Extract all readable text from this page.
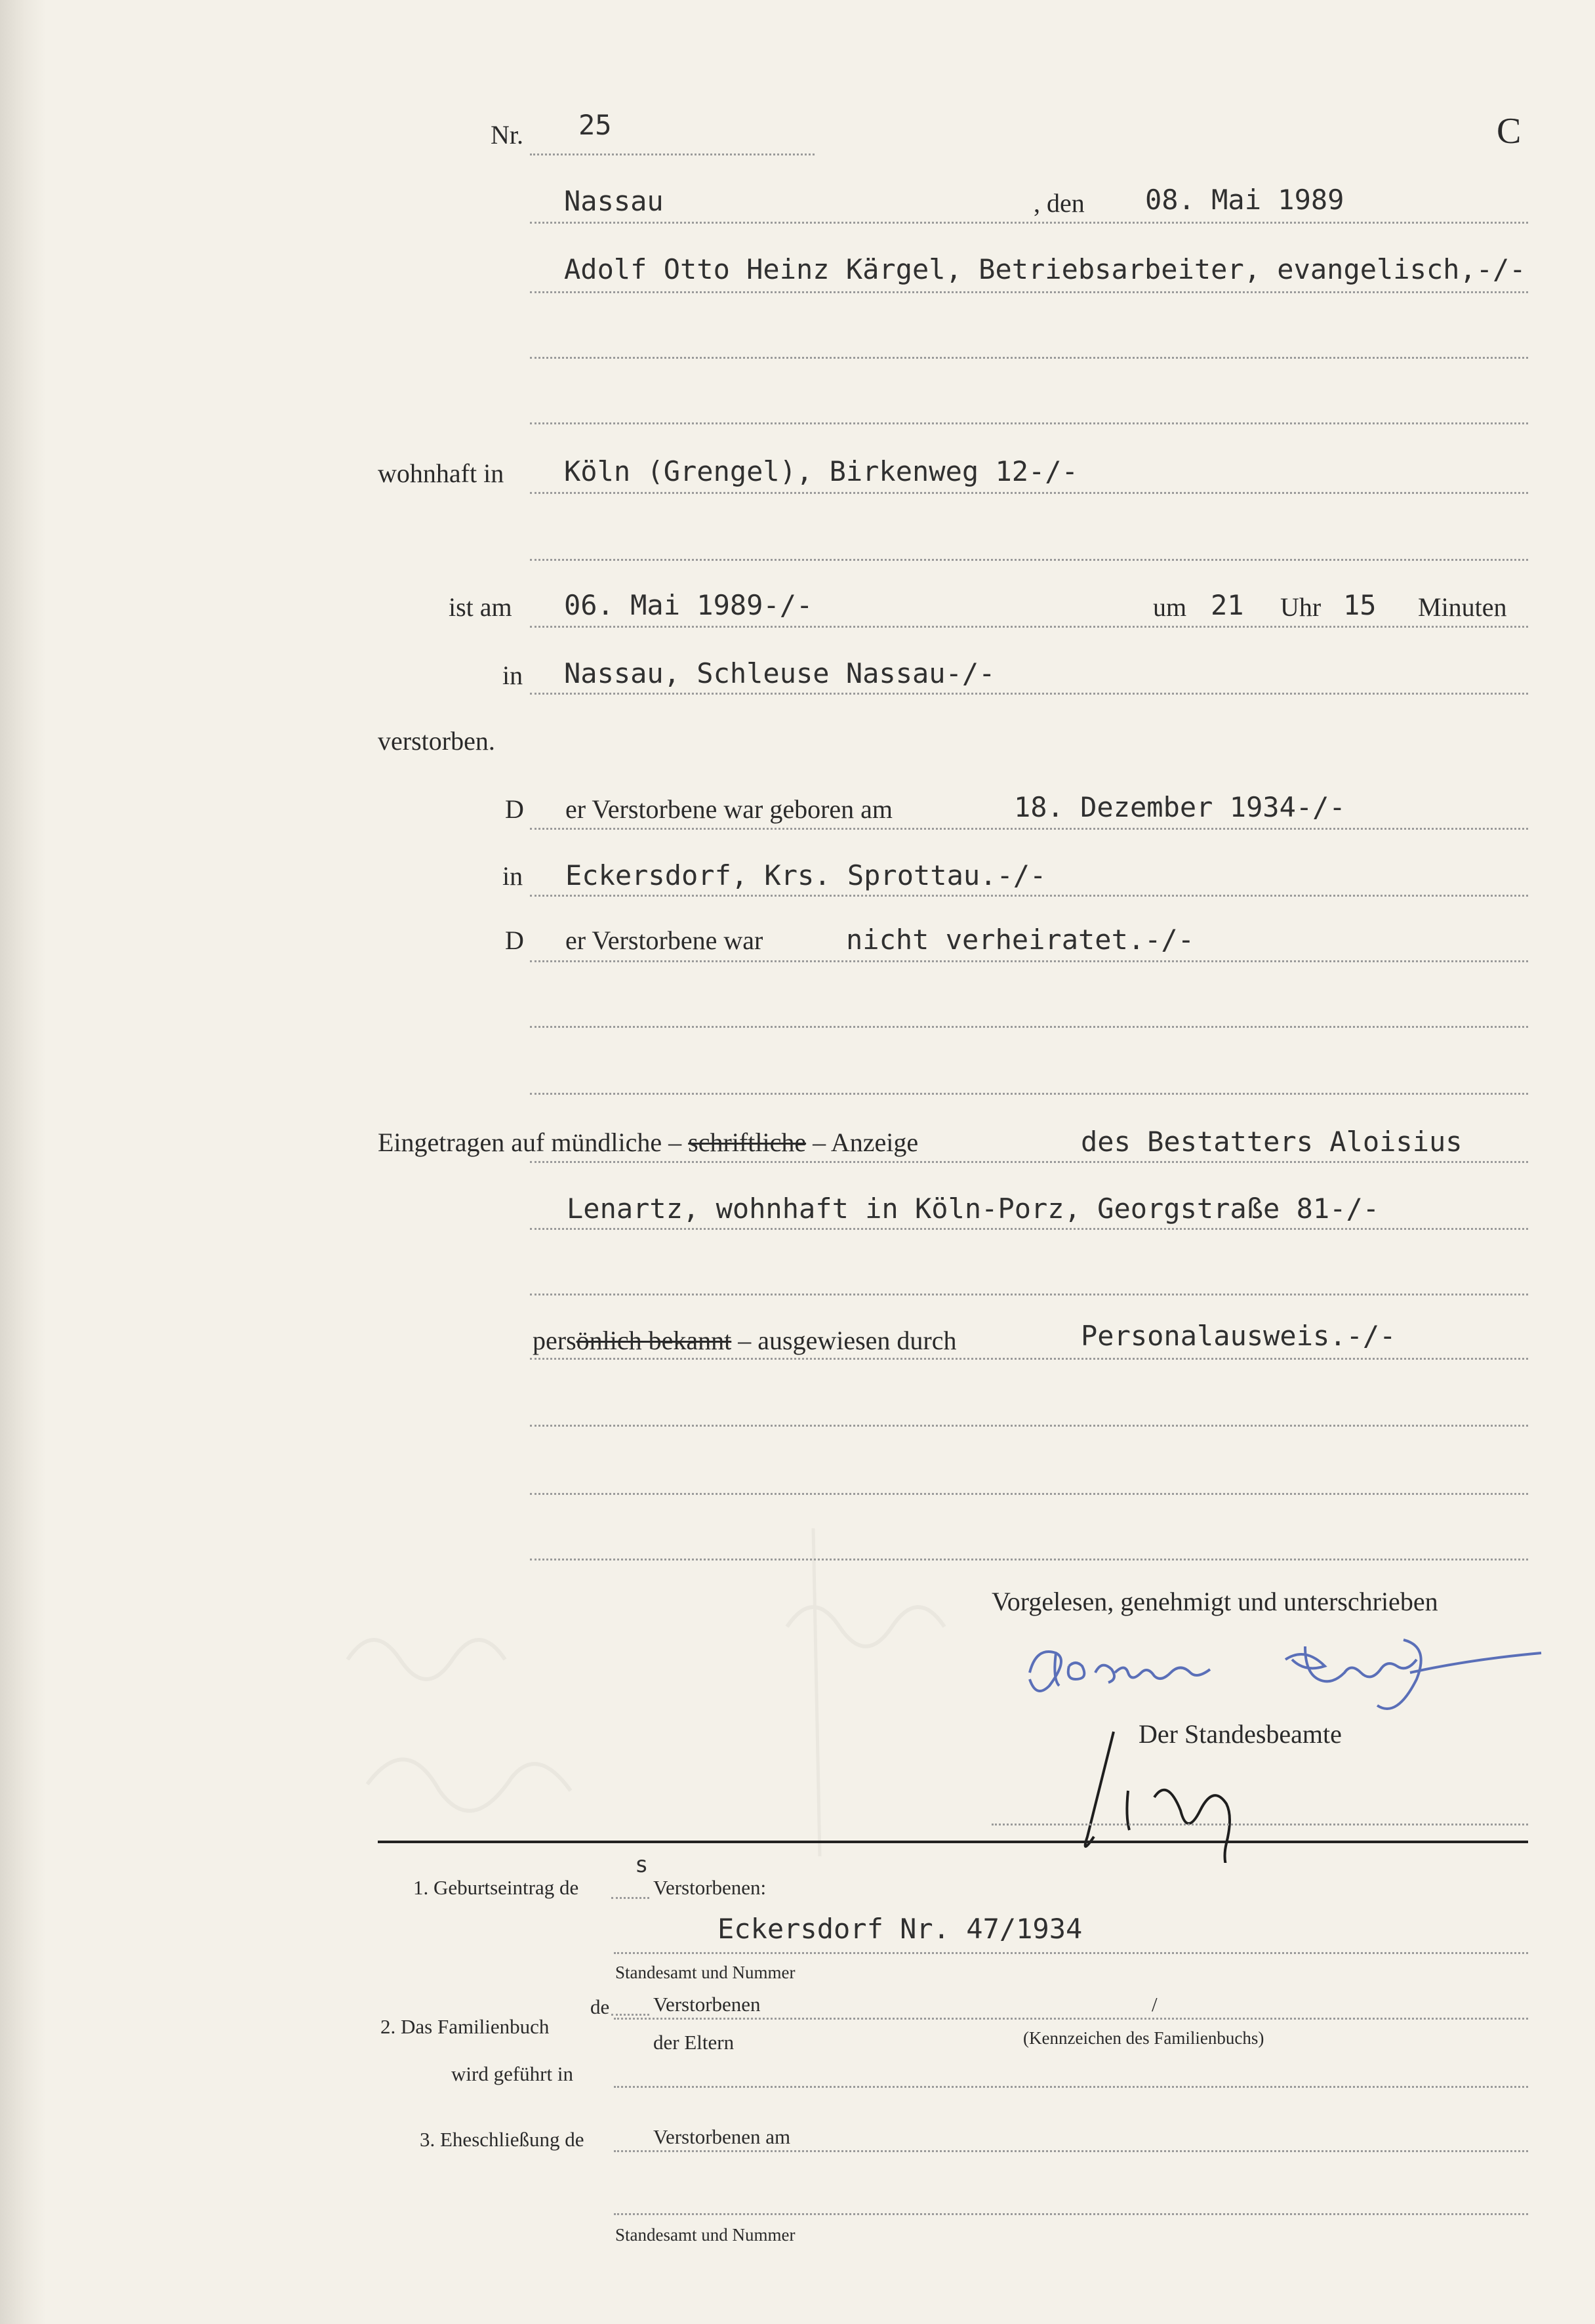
Nr. 25	C
Nassau	, den 08. Mai 1989
Adolf Otto Heinz Kärgel, Betriebsarbeiter, evangelisch,-/-
wohnhaft in Köln (Grengel), Birkenweg 12-/-
ist am 06. Mai 1989-/-	um 21 Uhr 15 Minuten
in Nassau, Schleuse Nassau-/-
verstorben.
D er Verstorbene war geboren am	18. Dezember 1934-/-
in Eckersdorf, Krs. Sprottau.-/-
D er Verstorbene war	nicht verheiratet.-/-
Eingetragen auf mündliche – schriftliche – Anzeige	des Bestatters Aloisius
Lenartz, wohnhaft in Köln-Porz, Georgstraße 81-/-
persönlich bekannt – ausgewiesen durch	Personalausweis.-/-
Vorgelesen, genehmigt und unterschrieben
Der Standesbeamte
1. Geburtseintrag de
s
Verstorbenen:
Eckersdorf Nr. 47/1934
Standesamt und Nummer
2. Das Familienbuch
wird geführt in
de Verstorbenen
der Eltern
/
(Kennzeichen des Familienbuchs)
3. Eheschließung de	Verstorbenen am
Standesamt und Nummer
